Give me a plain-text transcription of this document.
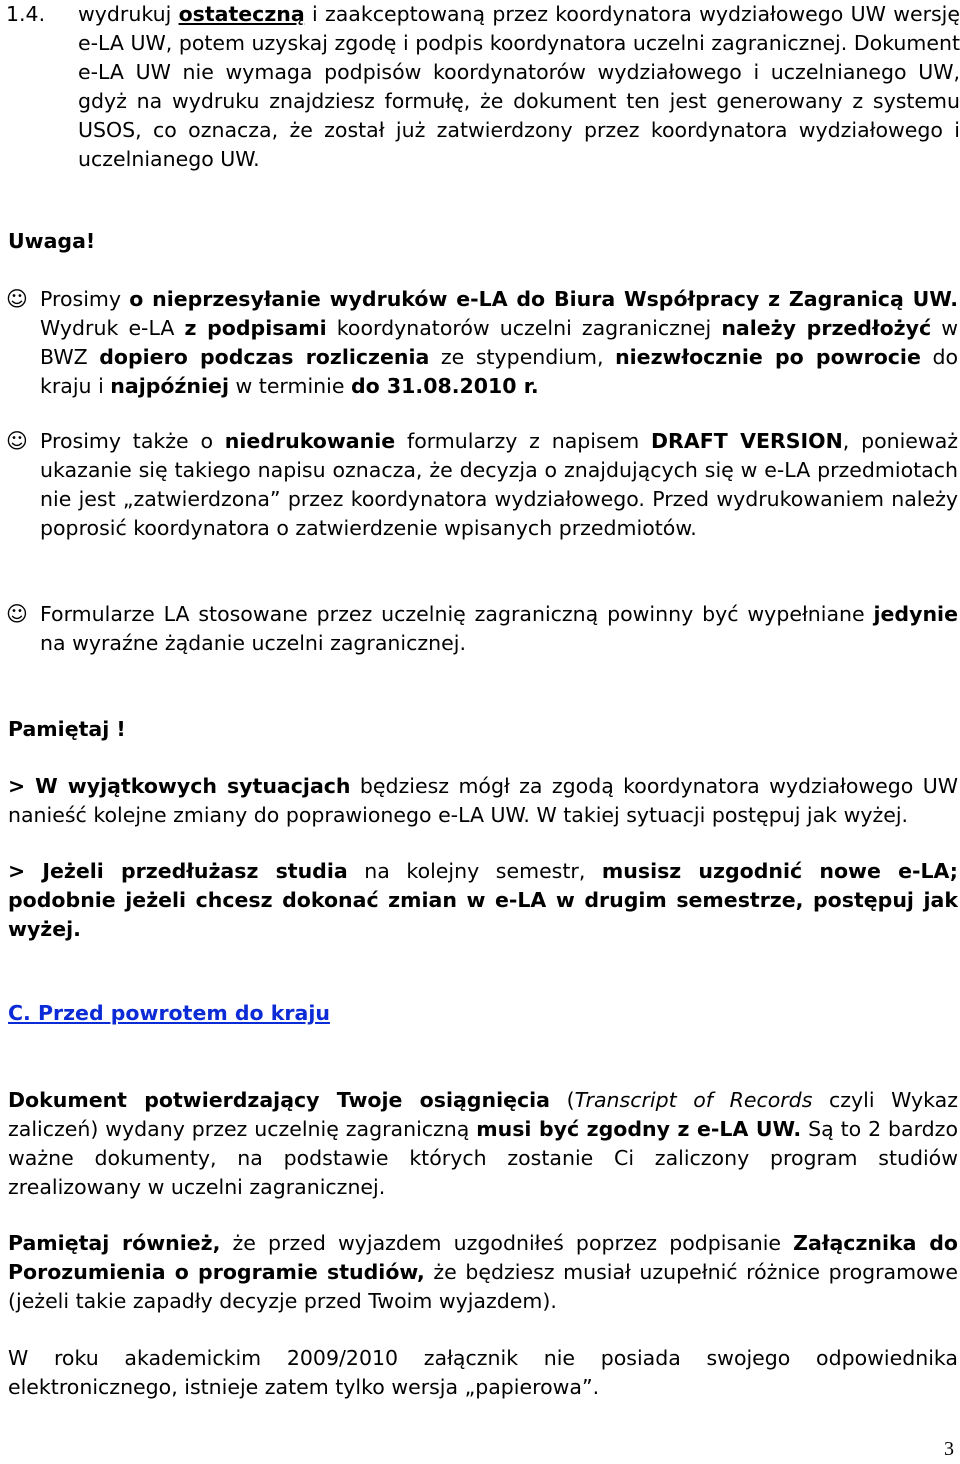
1.4. wydrukuj ostateczną i zaakceptowaną przez koordynatora wydziałowego UW wersję e-LA UW, potem uzyskaj zgodę i podpis koordynatora uczelni zagranicznej. Dokument e-LA UW nie wymaga podpisów koordynatorów wydziałowego i uczelnianego UW, gdyż na wydruku znajdziesz formułę, że dokument ten jest generowany z systemu USOS, co oznacza, że został już zatwierdzony przez koordynatora wydziałowego i uczelnianego UW.

Uwaga!
☺ Prosimy o nieprzesyłanie wydruków e-LA do Biura Współpracy z Zagranicą UW. Wydruk e-LA z podpisami koordynatorów uczelni zagranicznej należy przedłożyć w BWZ dopiero podczas rozliczenia ze stypendium, niezwłocznie po powrocie do kraju i najpóźniej w terminie do 31.08.2010 r.

☺ Prosimy także o niedrukowanie formularzy z napisem DRAFT VERSION, ponieważ ukazanie się takiego napisu oznacza, że decyzja o znajdujących się w e-LA przedmiotach nie jest „zatwierdzona” przez koordynatora wydziałowego. Przed wydrukowaniem należy poprosić koordynatora o zatwierdzenie wpisanych przedmiotów.

☺ Formularze LA stosowane przez uczelnię zagraniczną powinny być wypełniane jedynie na wyraźne żądanie uczelni zagranicznej.

Pamiętaj !

> W wyjątkowych sytuacjach będziesz mógł za zgodą koordynatora wydziałowego UW nanieść kolejne zmiany do poprawionego e-LA UW. W takiej sytuacji postępuj jak wyżej.

> Jeżeli przedłużasz studia na kolejny semestr, musisz uzgodnić nowe e-LA; podobnie jeżeli chcesz dokonać zmian w e-LA w drugim semestrze, postępuj jak wyżej.

C. Przed powrotem do kraju

Dokument potwierdzający Twoje osiągnięcia (Transcript of Records czyli Wykaz zaliczeń) wydany przez uczelnię zagraniczną musi być zgodny z e-LA UW. Są to 2 bardzo ważne dokumenty, na podstawie których zostanie Ci zaliczony program studiów zrealizowany w uczelni zagranicznej.

Pamiętaj również, że przed wyjazdem uzgodniłeś poprzez podpisanie Załącznika do Porozumienia o programie studiów, że będziesz musiał uzupełnić różnice programowe (jeżeli takie zapadły decyzje przed Twoim wyjazdem).

W roku akademickim 2009/2010 załącznik nie posiada swojego odpowiednika elektronicznego, istnieje zatem tylko wersja „papierowa”.

3
